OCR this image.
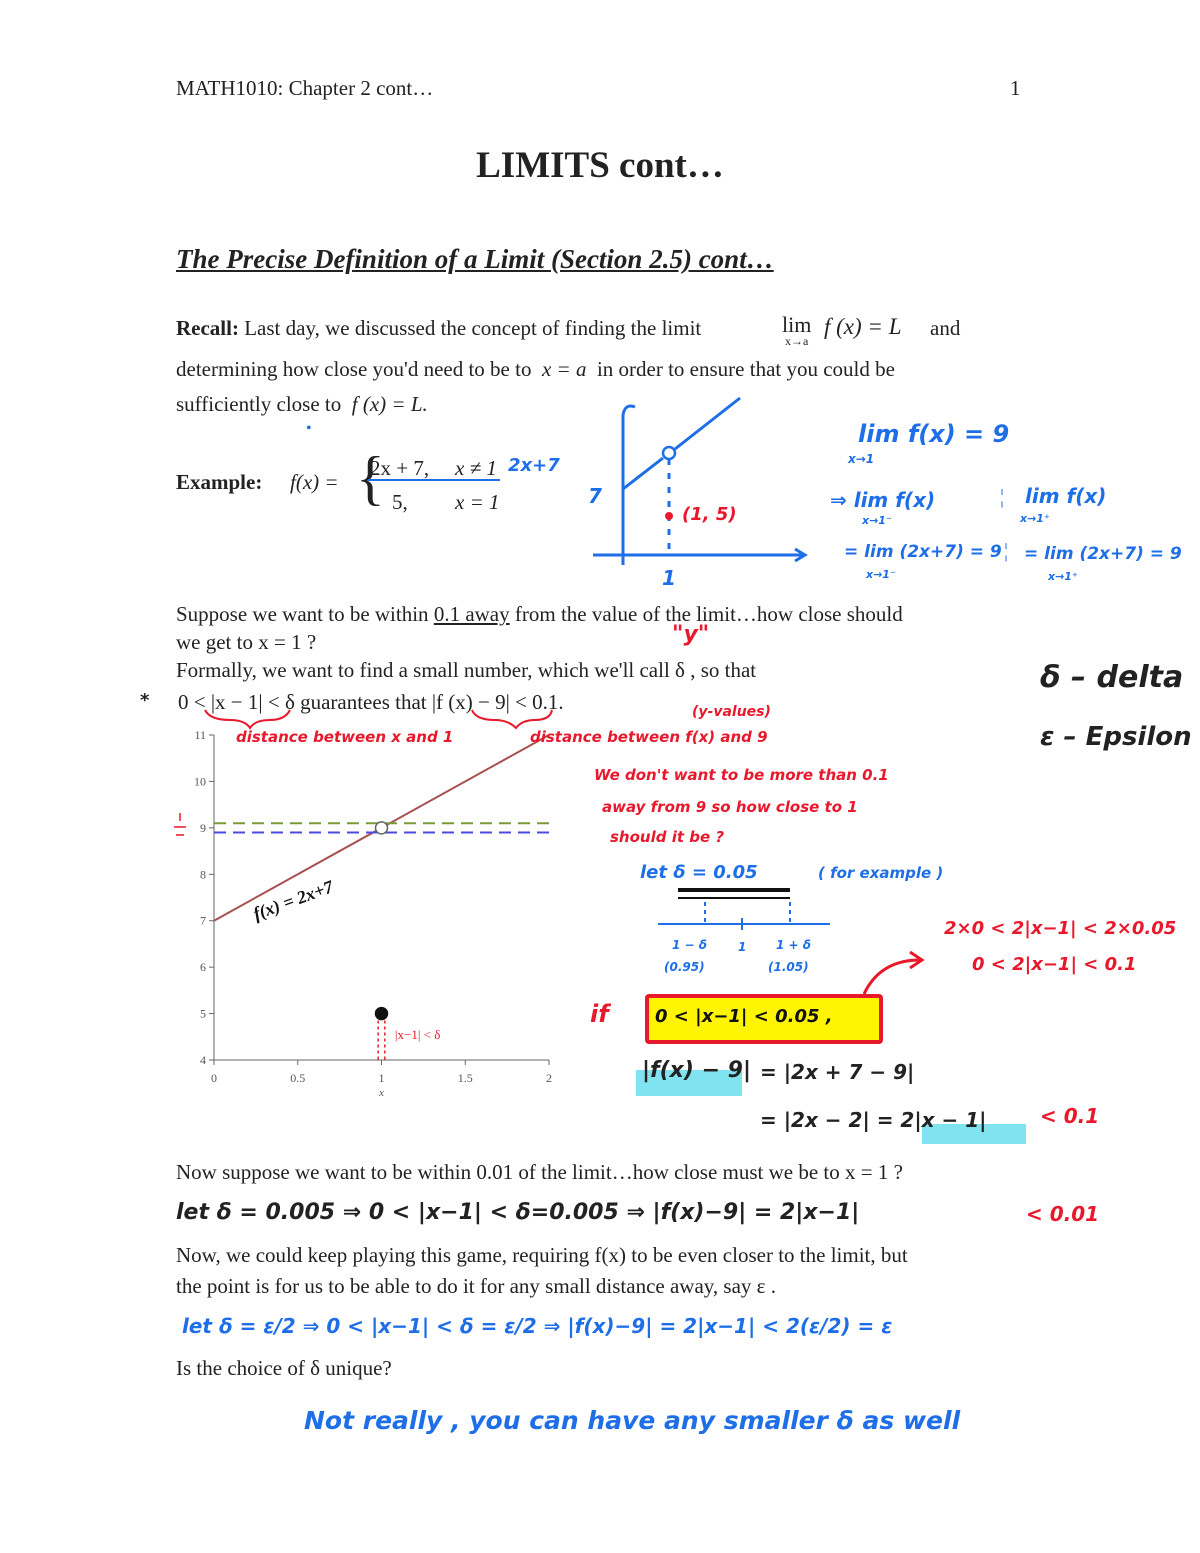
MATH1010: Chapter 2 cont…	1
LIMITS cont…
The Precise Definition of a Limit (Section 2.5) cont…
Recall: Last day, we discussed the concept of finding the limit	lim
x→a
f (x) = L and
determining how close you'd need to be to x = a in order to ensure that you could be
sufficiently close to f (x) = L.
•
Example: f(x) = {
2x + 7, x ≠ 1
5, x = 1
2x+7
7
1
(1, 5)
lim f(x) = 9
x→1
⇒ lim f(x)
x→1⁻
¦ lim f(x)
x→1⁺
= lim (2x+7) = 9
x→1⁻
¦ = lim (2x+7) = 9
x→1⁺
Suppose we want to be within 0.1 away from the value of the limit…how close should
we get to x = 1 ?	"y"
Formally, we want to find a small number, which we'll call δ , so that
* 0 < |x − 1| < δ guarantees that |f (x) − 9| < 0.1.
δ – delta
ε – Epsilon
4
5
6
7
8
9
10
11
0	0.5	1	1.5	2
x
f(x) = 2x+7
|x−1| < δ
distance between x and 1
(y-values)
distance between f(x) and 9
We don't want to be more than 0.1
away from 9 so how close to 1
should it be ?
let δ = 0.05	( for example )
1 − δ
(0.95)
1 1 + δ
(1.05)
2×0 < 2|x−1| < 2×0.05
0 < 2|x−1| < 0.1
if	0 < |x−1| < 0.05 ,
|f(x) − 9| = |2x + 7 − 9|
= |2x − 2| = 2|x − 1|	< 0.1
Now suppose we want to be within 0.01 of the limit…how close must we be to x = 1 ?
let δ = 0.005 ⇒ 0 < |x−1| < δ=0.005 ⇒ |f(x)−9| = 2|x−1|	< 0.01
Now, we could keep playing this game, requiring f(x) to be even closer to the limit, but
the point is for us to be able to do it for any small distance away, say ε .
let δ = ε/2 ⇒ 0 < |x−1| < δ = ε/2 ⇒ |f(x)−9| = 2|x−1| < 2(ε/2) = ε
Is the choice of δ unique?
Not really , you can have any smaller δ as well
